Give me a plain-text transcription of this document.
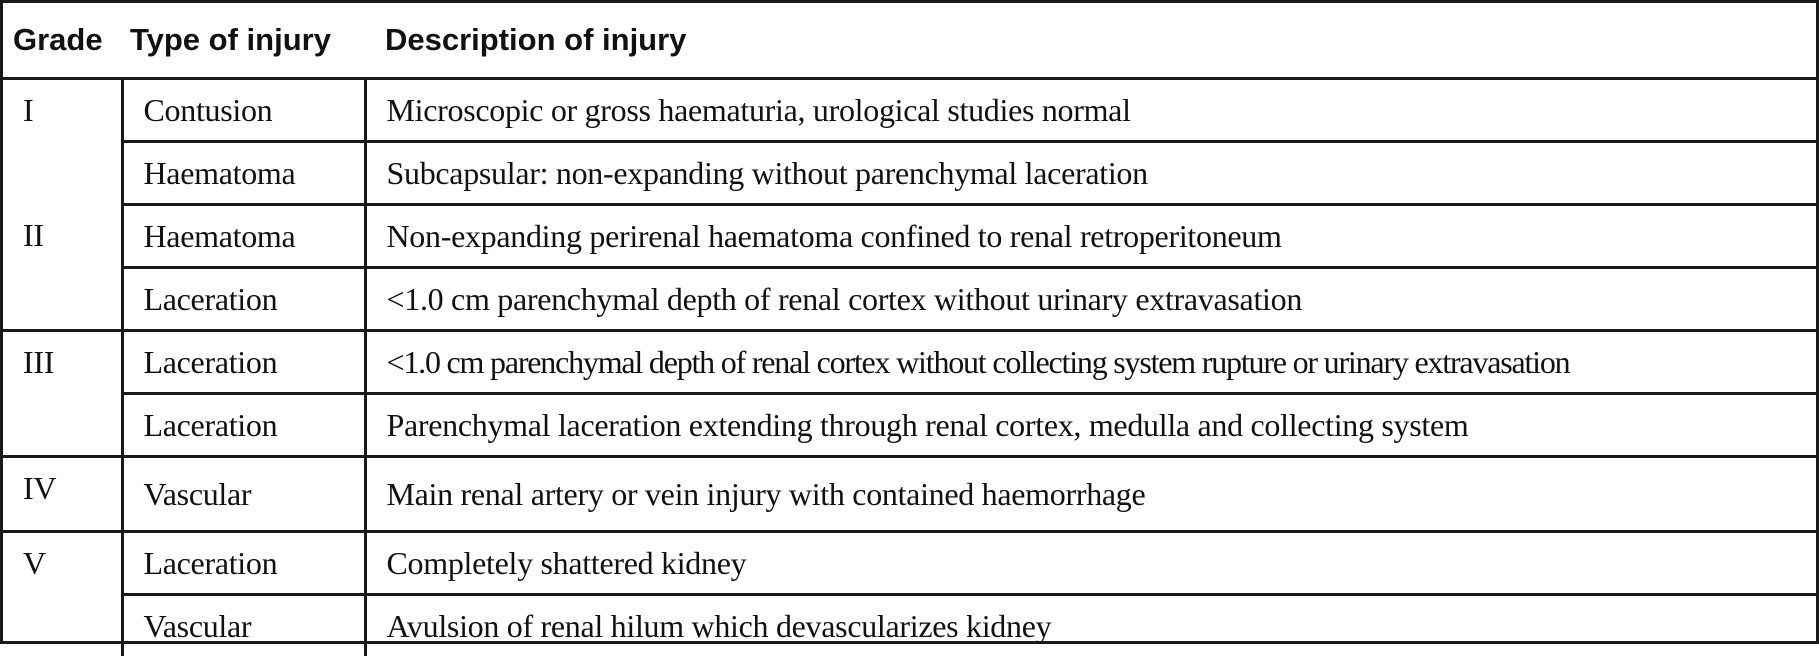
Grade	Type of injury	Description of injury
I	Contusion	Microscopic or gross haematuria, urological studies normal
	Haematoma	Subcapsular: non-expanding without parenchymal laceration
II	Haematoma	Non-expanding perirenal haematoma confined to renal retroperitoneum
	Laceration	<1.0 cm parenchymal depth of renal cortex without urinary extravasation
III	Laceration	<1.0 cm parenchymal depth of renal cortex without collecting system rupture or urinary extravasation
	Laceration	Parenchymal laceration extending through renal cortex, medulla and collecting system
IV	Vascular	Main renal artery or vein injury with contained haemorrhage
V	Laceration	Completely shattered kidney
	Vascular	Avulsion of renal hilum which devascularizes kidney
